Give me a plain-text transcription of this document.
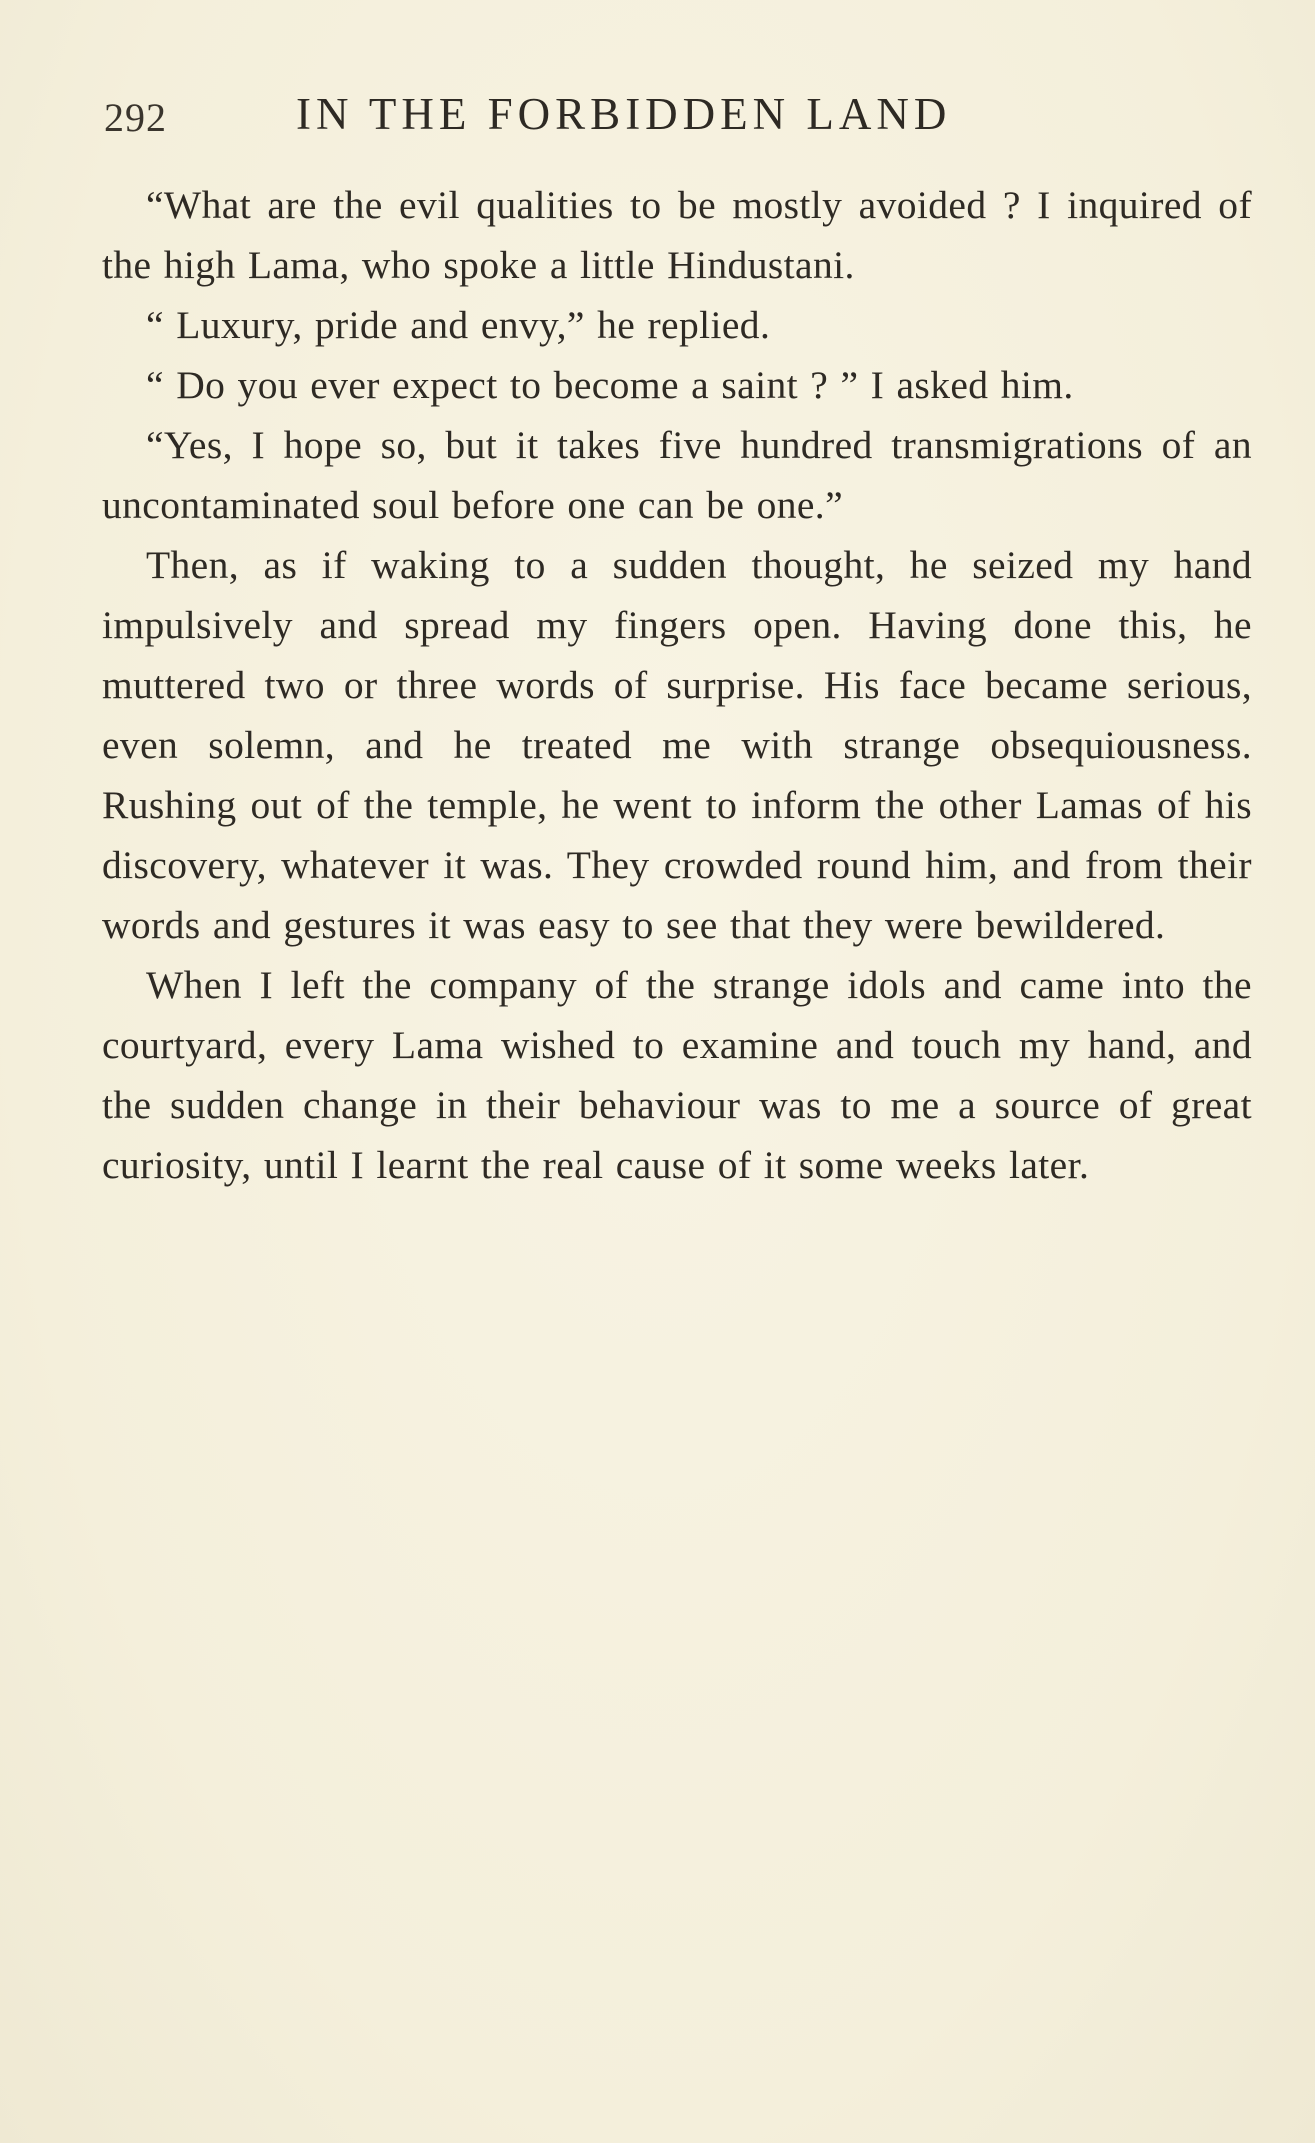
292	IN THE FORBIDDEN LAND

“What are the evil qualities to be mostly avoided ? I inquired of the high Lama, who spoke a little Hindustani.

“ Luxury, pride and envy,” he replied.

“ Do you ever expect to become a saint ? ” I asked him.

“Yes, I hope so, but it takes five hundred transmigrations of an uncontaminated soul before one can be one.”

Then, as if waking to a sudden thought, he seized my hand impulsively and spread my fingers open. Having done this, he muttered two or three words of surprise. His face became serious, even solemn, and he treated me with strange obsequiousness. Rushing out of the temple, he went to inform the other Lamas of his discovery, whatever it was. They crowded round him, and from their words and gestures it was easy to see that they were bewildered.

When I left the company of the strange idols and came into the courtyard, every Lama wished to examine and touch my hand, and the sudden change in their behaviour was to me a source of great curiosity, until I learnt the real cause of it some weeks later.
